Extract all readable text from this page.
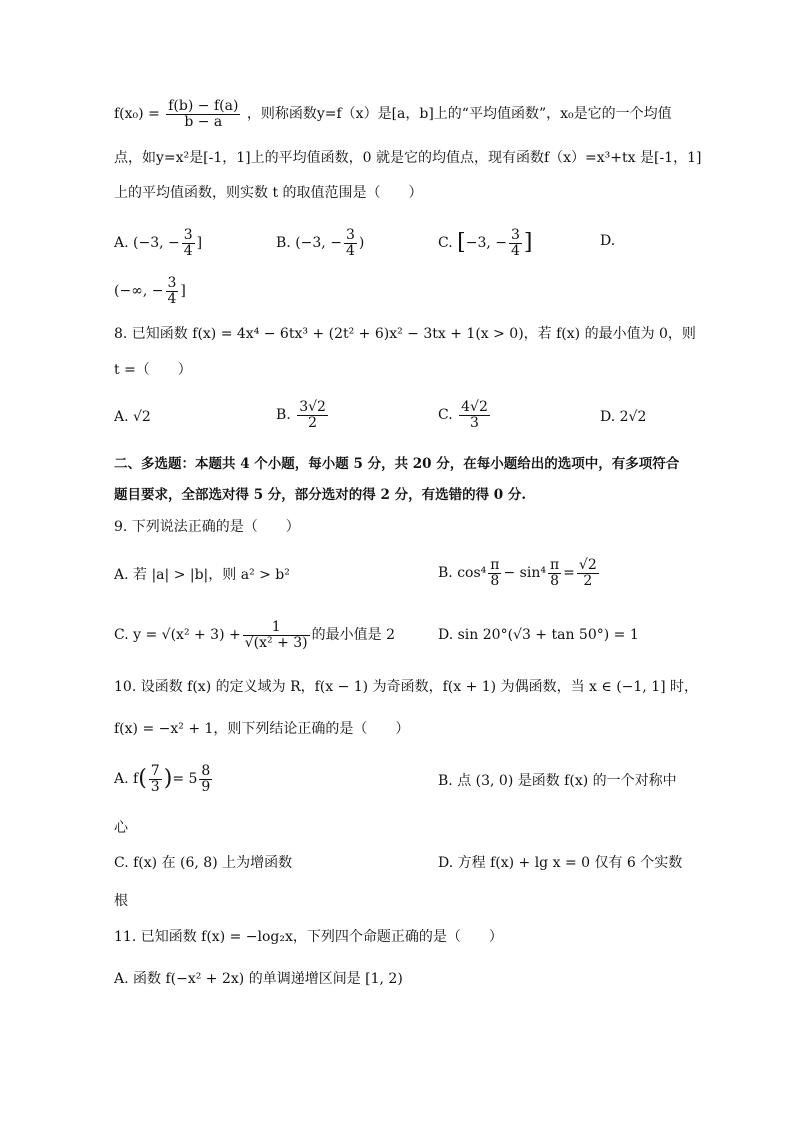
$f(x_0) = \frac{f(b) - f(a)}{b - a}$ ，则称函数y=f（x）是[a，b]上的“平均值函数”，x₀是它的一个均值
点，如y=x²是[-1，1]上的平均值函数，0 就是它的均值点，现有函数f（x）=x³+tx 是[-1，1]
上的平均值函数，则实数 t 的取值范围是（　　）
A. (−3, − $\frac{3}{4}$ ]	B. (−3, − $\frac{3}{4}$ )	C. [−3, − $\frac{3}{4}$ ]	D.
(−∞, − $\frac{3}{4}$ ]
8. 已知函数 f(x) = 4x⁴ − 6tx³ + (2t² + 6)x² − 3tx + 1(x > 0)，若 f(x) 的最小值为 0，则
t =（　　）
A. √2	B. $\frac{3√2}{2}$	C. $\frac{4√2}{3}$	D. 2√2
二、多选题：本题共 4 个小题，每小题 5 分，共 20 分，在每小题给出的选项中，有多项符合
题目要求，全部选对得 5 分，部分选对的得 2 分，有选错的得 0 分.
9. 下列说法正确的是（　　）
A. 若 |a| > |b|，则 a² > b²	B. $\cos^4 \frac{\pi}{8} - \sin^4 \frac{\pi}{8} = \frac{√2}{2}$
C. $y = √(x^2 + 3) + \frac{1}{\text{√(x² + 3)}}$ 的最小值是 2	D. sin 20°(√3 + tan 50°) = 1
10. 设函数 f(x) 的定义域为 R，f(x − 1) 为奇函数，f(x + 1) 为偶函数，当 x ∈ (−1, 1] 时，
f(x) = −x² + 1，则下列结论正确的是（　　）
A. $f( \frac{7}{3}$ )= $5 \frac{8}{9}$	B. 点 (3, 0) 是函数 f(x) 的一个对称中
心
C. f(x) 在 (6, 8) 上为增函数	D. 方程 f(x) + lg x = 0 仅有 6 个实数
根
11. 已知函数 f(x) = −log₂x，下列四个命题正确的是（　　）
A. 函数 f(−x² + 2x) 的单调递增区间是 [1, 2)
